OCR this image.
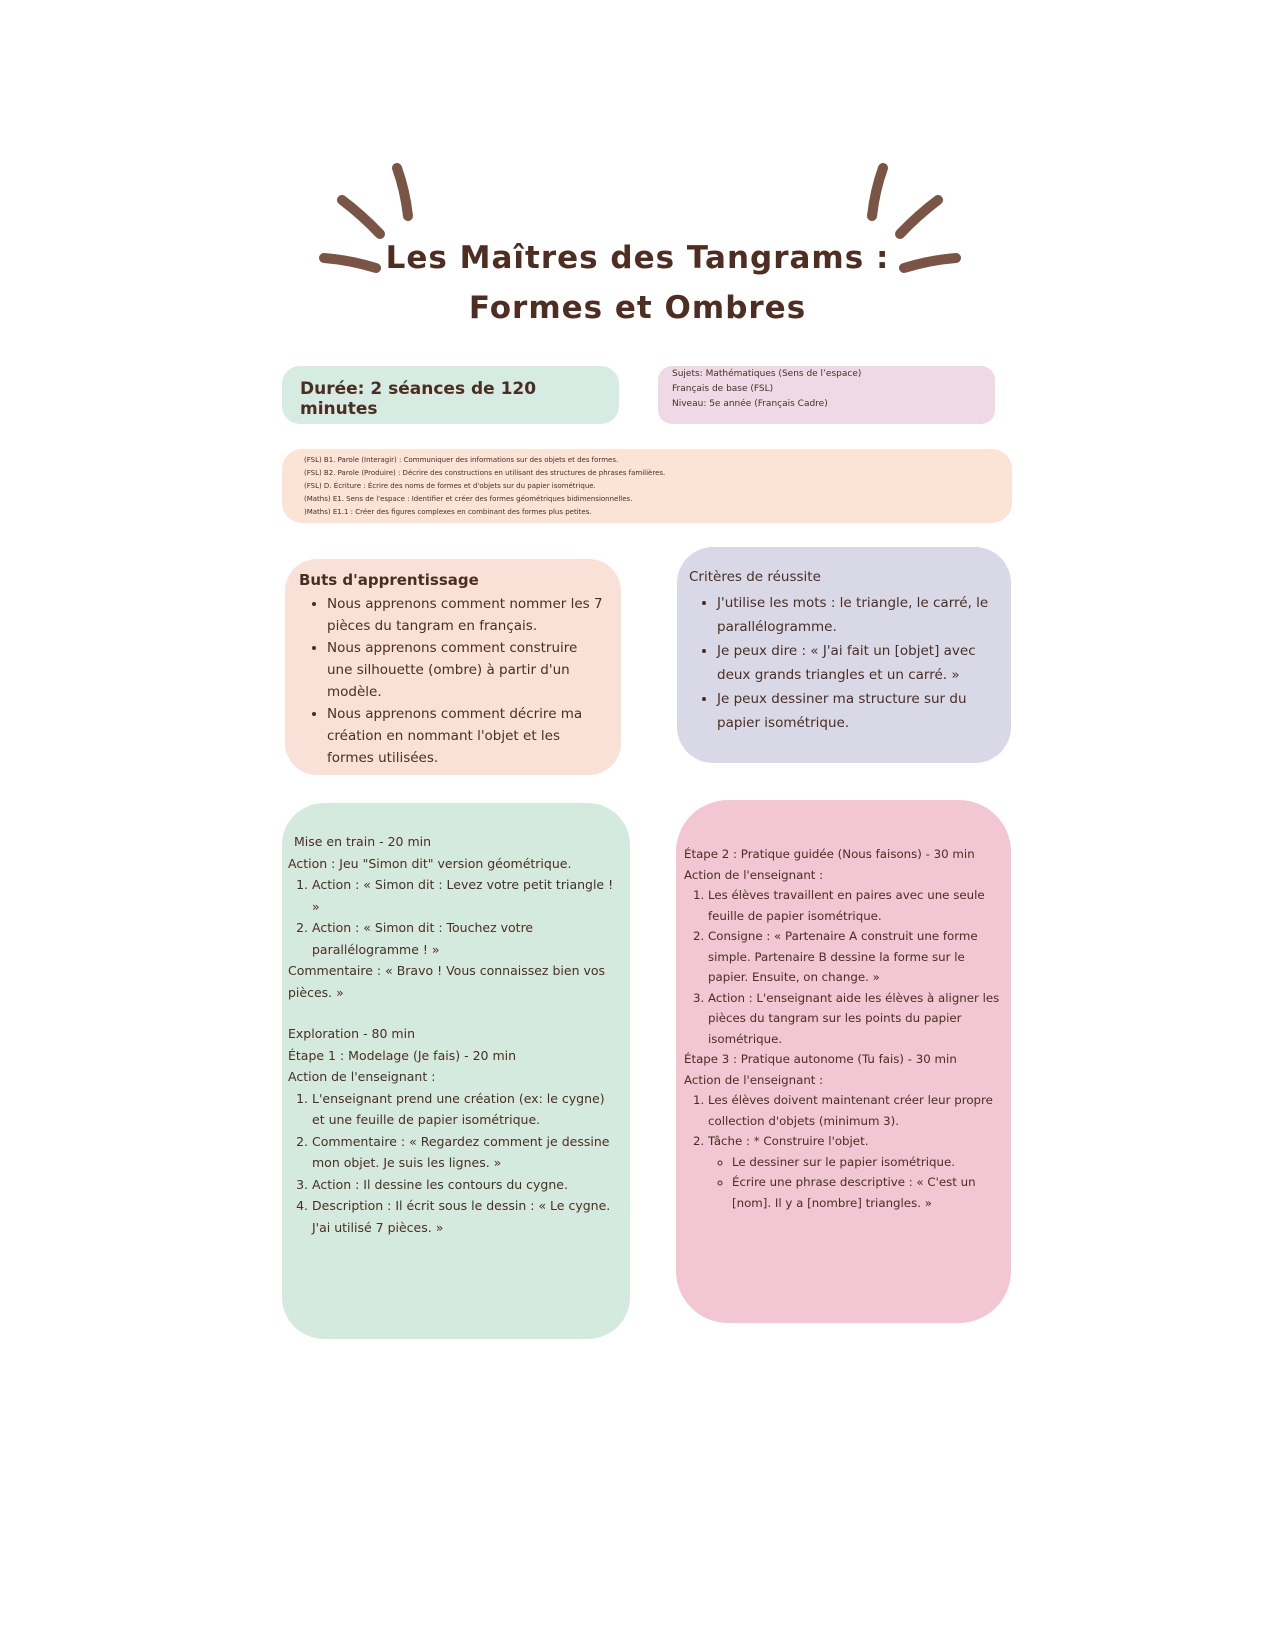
Les Maîtres des Tangrams :
Formes et Ombres
Durée: 2 séances de 120 minutes
Sujets: Mathématiques (Sens de l’espace)
Français de base (FSL)
Niveau: 5e année (Français Cadre)
(FSL) B1. Parole (Interagir) : Communiquer des informations sur des objets et des formes.
(FSL) B2. Parole (Produire) : Décrire des constructions en utilisant des structures de phrases familières.
(FSL) D. Écriture : Écrire des noms de formes et d'objets sur du papier isométrique.
(Maths) E1. Sens de l'espace : Identifier et créer des formes géométriques bidimensionnelles.
)Maths) E1.1 : Créer des figures complexes en combinant des formes plus petites.
Buts d'apprentissage
• Nous apprenons comment nommer les 7 pièces du tangram en français.
• Nous apprenons comment construire une silhouette (ombre) à partir d'un modèle.
• Nous apprenons comment décrire ma création en nommant l'objet et les formes utilisées.
Critères de réussite
• J'utilise les mots : le triangle, le carré, le parallélogramme.
• Je peux dire : « J'ai fait un [objet] avec deux grands triangles et un carré. »
• Je peux dessiner ma structure sur du papier isométrique.
Mise en train - 20 min
Action : Jeu "Simon dit" version géométrique.
1. Action : « Simon dit : Levez votre petit triangle ! »
2. Action : « Simon dit : Touchez votre parallélogramme ! »
Commentaire : « Bravo ! Vous connaissez bien vos pièces. »
Exploration - 80 min
Étape 1 : Modelage (Je fais) - 20 min
Action de l'enseignant :
1. L'enseignant prend une création (ex: le cygne) et une feuille de papier isométrique.
2. Commentaire : « Regardez comment je dessine mon objet. Je suis les lignes. »
3. Action : Il dessine les contours du cygne.
4. Description : Il écrit sous le dessin : « Le cygne. J'ai utilisé 7 pièces. »
Étape 2 : Pratique guidée (Nous faisons) - 30 min
Action de l'enseignant :
1. Les élèves travaillent en paires avec une seule feuille de papier isométrique.
2. Consigne : « Partenaire A construit une forme simple. Partenaire B dessine la forme sur le papier. Ensuite, on change. »
3. Action : L'enseignant aide les élèves à aligner les pièces du tangram sur les points du papier isométrique.
Étape 3 : Pratique autonome (Tu fais) - 30 min
Action de l'enseignant :
1. Les élèves doivent maintenant créer leur propre collection d'objets (minimum 3).
2. Tâche : * Construire l'objet.
◦ Le dessiner sur le papier isométrique.
◦ Écrire une phrase descriptive : « C'est un [nom]. Il y a [nombre] triangles. »
